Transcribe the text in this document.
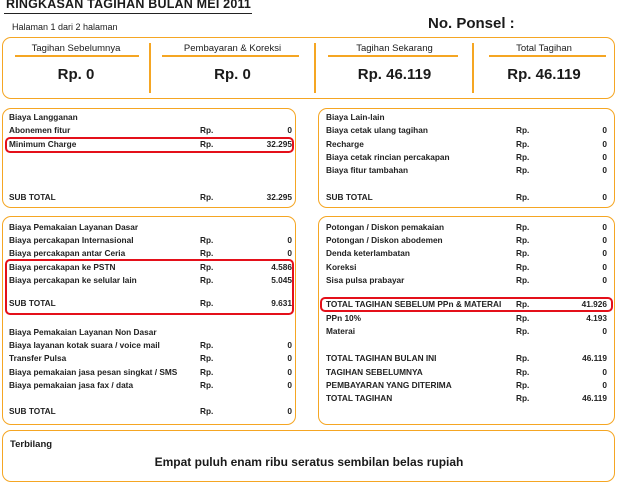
RINGKASAN TAGIHAN BULAN MEI 2011
Halaman 1 dari 2 halaman	No. Ponsel :
Tagihan Sebelumnya
Rp. 0
Pembayaran & Koreksi
Rp. 0
Tagihan Sekarang
Rp. 46.119
Total Tagihan
Rp. 46.119
Biaya Langganan
Abonemen fitur	Rp.	0
Minimum Charge	Rp.	32.295
SUB TOTAL	Rp.	32.295
Biaya Pemakaian Layanan Dasar
Biaya percakapan Internasional	Rp.	0
Biaya percakapan antar Ceria	Rp.	0
Biaya percakapan ke PSTN	Rp.	4.586
Biaya percakapan ke selular lain	Rp.	5.045
SUB TOTAL	Rp.	9.631
Biaya Pemakaian Layanan Non Dasar
Biaya layanan kotak suara / voice mail	Rp.	0
Transfer Pulsa	Rp.	0
Biaya pemakaian jasa pesan singkat / SMS	Rp.	0
Biaya pemakaian jasa fax / data	Rp.	0
SUB TOTAL	Rp.	0
Biaya Lain-lain
Biaya cetak ulang tagihan	Rp.	0
Recharge	Rp.	0
Biaya cetak rincian percakapan	Rp.	0
Biaya fitur tambahan	Rp.	0
SUB TOTAL	Rp.	0
Potongan / Diskon pemakaian	Rp.	0
Potongan / Diskon abodemen	Rp.	0
Denda keterlambatan	Rp.	0
Koreksi	Rp.	0
Sisa pulsa prabayar	Rp.	0
TOTAL TAGIHAN SEBELUM PPn & MATERAI Rp.	41.926
PPn 10%	Rp.	4.193
Materai	Rp.	0
TOTAL TAGIHAN BULAN INI	Rp.	46.119
TAGIHAN SEBELUMNYA	Rp.	0
PEMBAYARAN YANG DITERIMA	Rp.	0
TOTAL TAGIHAN	Rp.	46.119
Terbilang
Empat puluh enam ribu seratus sembilan belas rupiah
